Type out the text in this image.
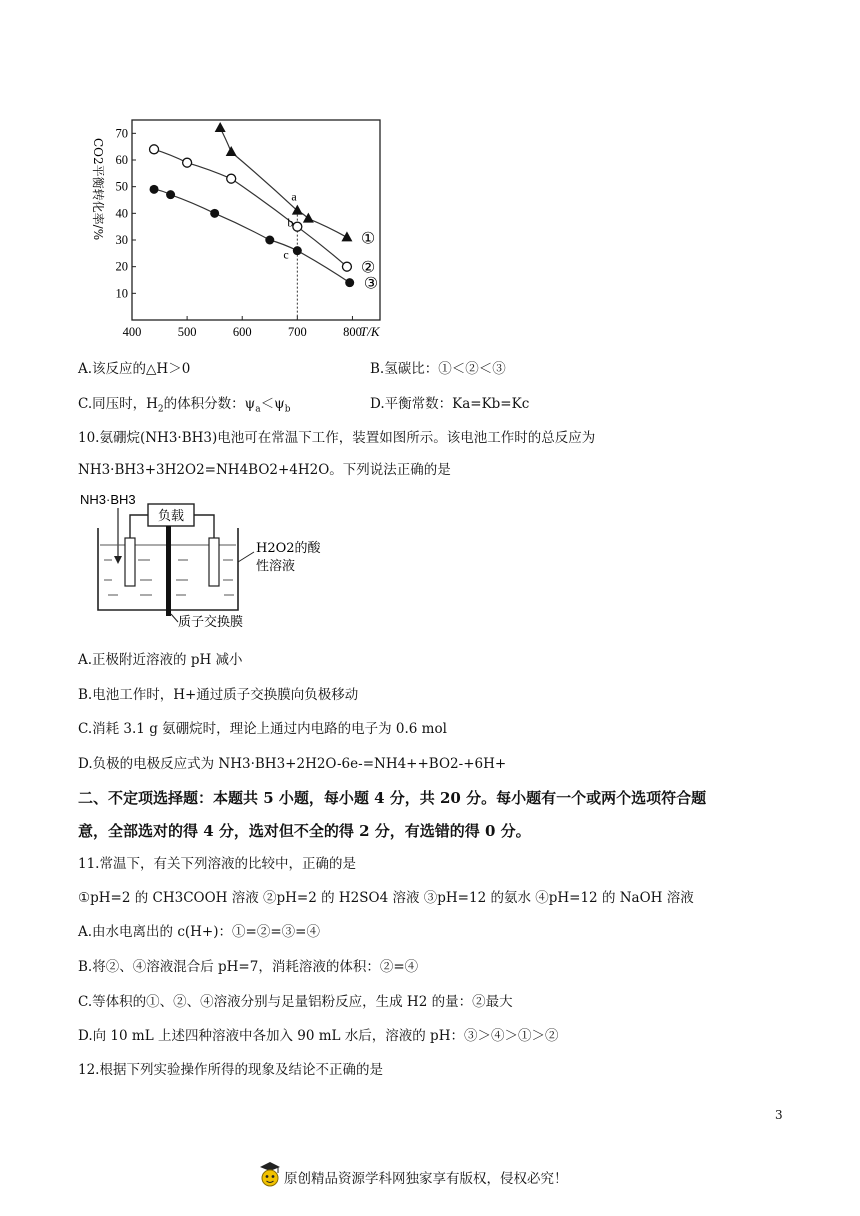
400	500	600	700	800
10
20
30
40
50
60
70
T/K
CO2平衡转化率/%	①
②
③
a
b
c
A.该反应的△H＞0	B.氢碳比：①＜②＜③
C.同压时，$H_2$的体积分数：$\psi_a<\psi_b$	D.平衡常数：Ka=Kb=Kc
10.氨硼烷(NH3·BH3)电池可在常温下工作，装置如图所示。该电池工作时的总反应为
NH3·BH3+3H2O2=NH4BO2+4H2O。下列说法正确的是
NH3·BH3
负载
H2O2的酸
性溶液
质子交换膜
A.正极附近溶液的 pH 减小
B.电池工作时，H+通过质子交换膜向负极移动
C.消耗 3.1 g 氨硼烷时，理论上通过内电路的电子为 0.6 mol
D.负极的电极反应式为 NH3·BH3+2H2O-6e-=NH4++BO2-+6H+
二、不定项选择题：本题共 5 小题，每小题 4 分，共 20 分。每小题有一个或两个选项符合题
意，全部选对的得 4 分，选对但不全的得 2 分，有选错的得 0 分。
11.常温下，有关下列溶液的比较中，正确的是
①pH=2 的 CH3COOH 溶液 ②pH=2 的 H2SO4 溶液 ③pH=12 的氨水 ④pH=12 的 NaOH 溶液
A.由水电离出的 c(H+)：①=②=③=④
B.将②、④溶液混合后 pH=7，消耗溶液的体积：②=④
C.等体积的①、②、④溶液分别与足量铝粉反应，生成 H2 的量：②最大
D.向 10 mL 上述四种溶液中各加入 90 mL 水后，溶液的 pH：③＞④＞①＞②
12.根据下列实验操作所得的现象及结论不正确的是
3
原创精品资源学科网独家享有版权，侵权必究！
